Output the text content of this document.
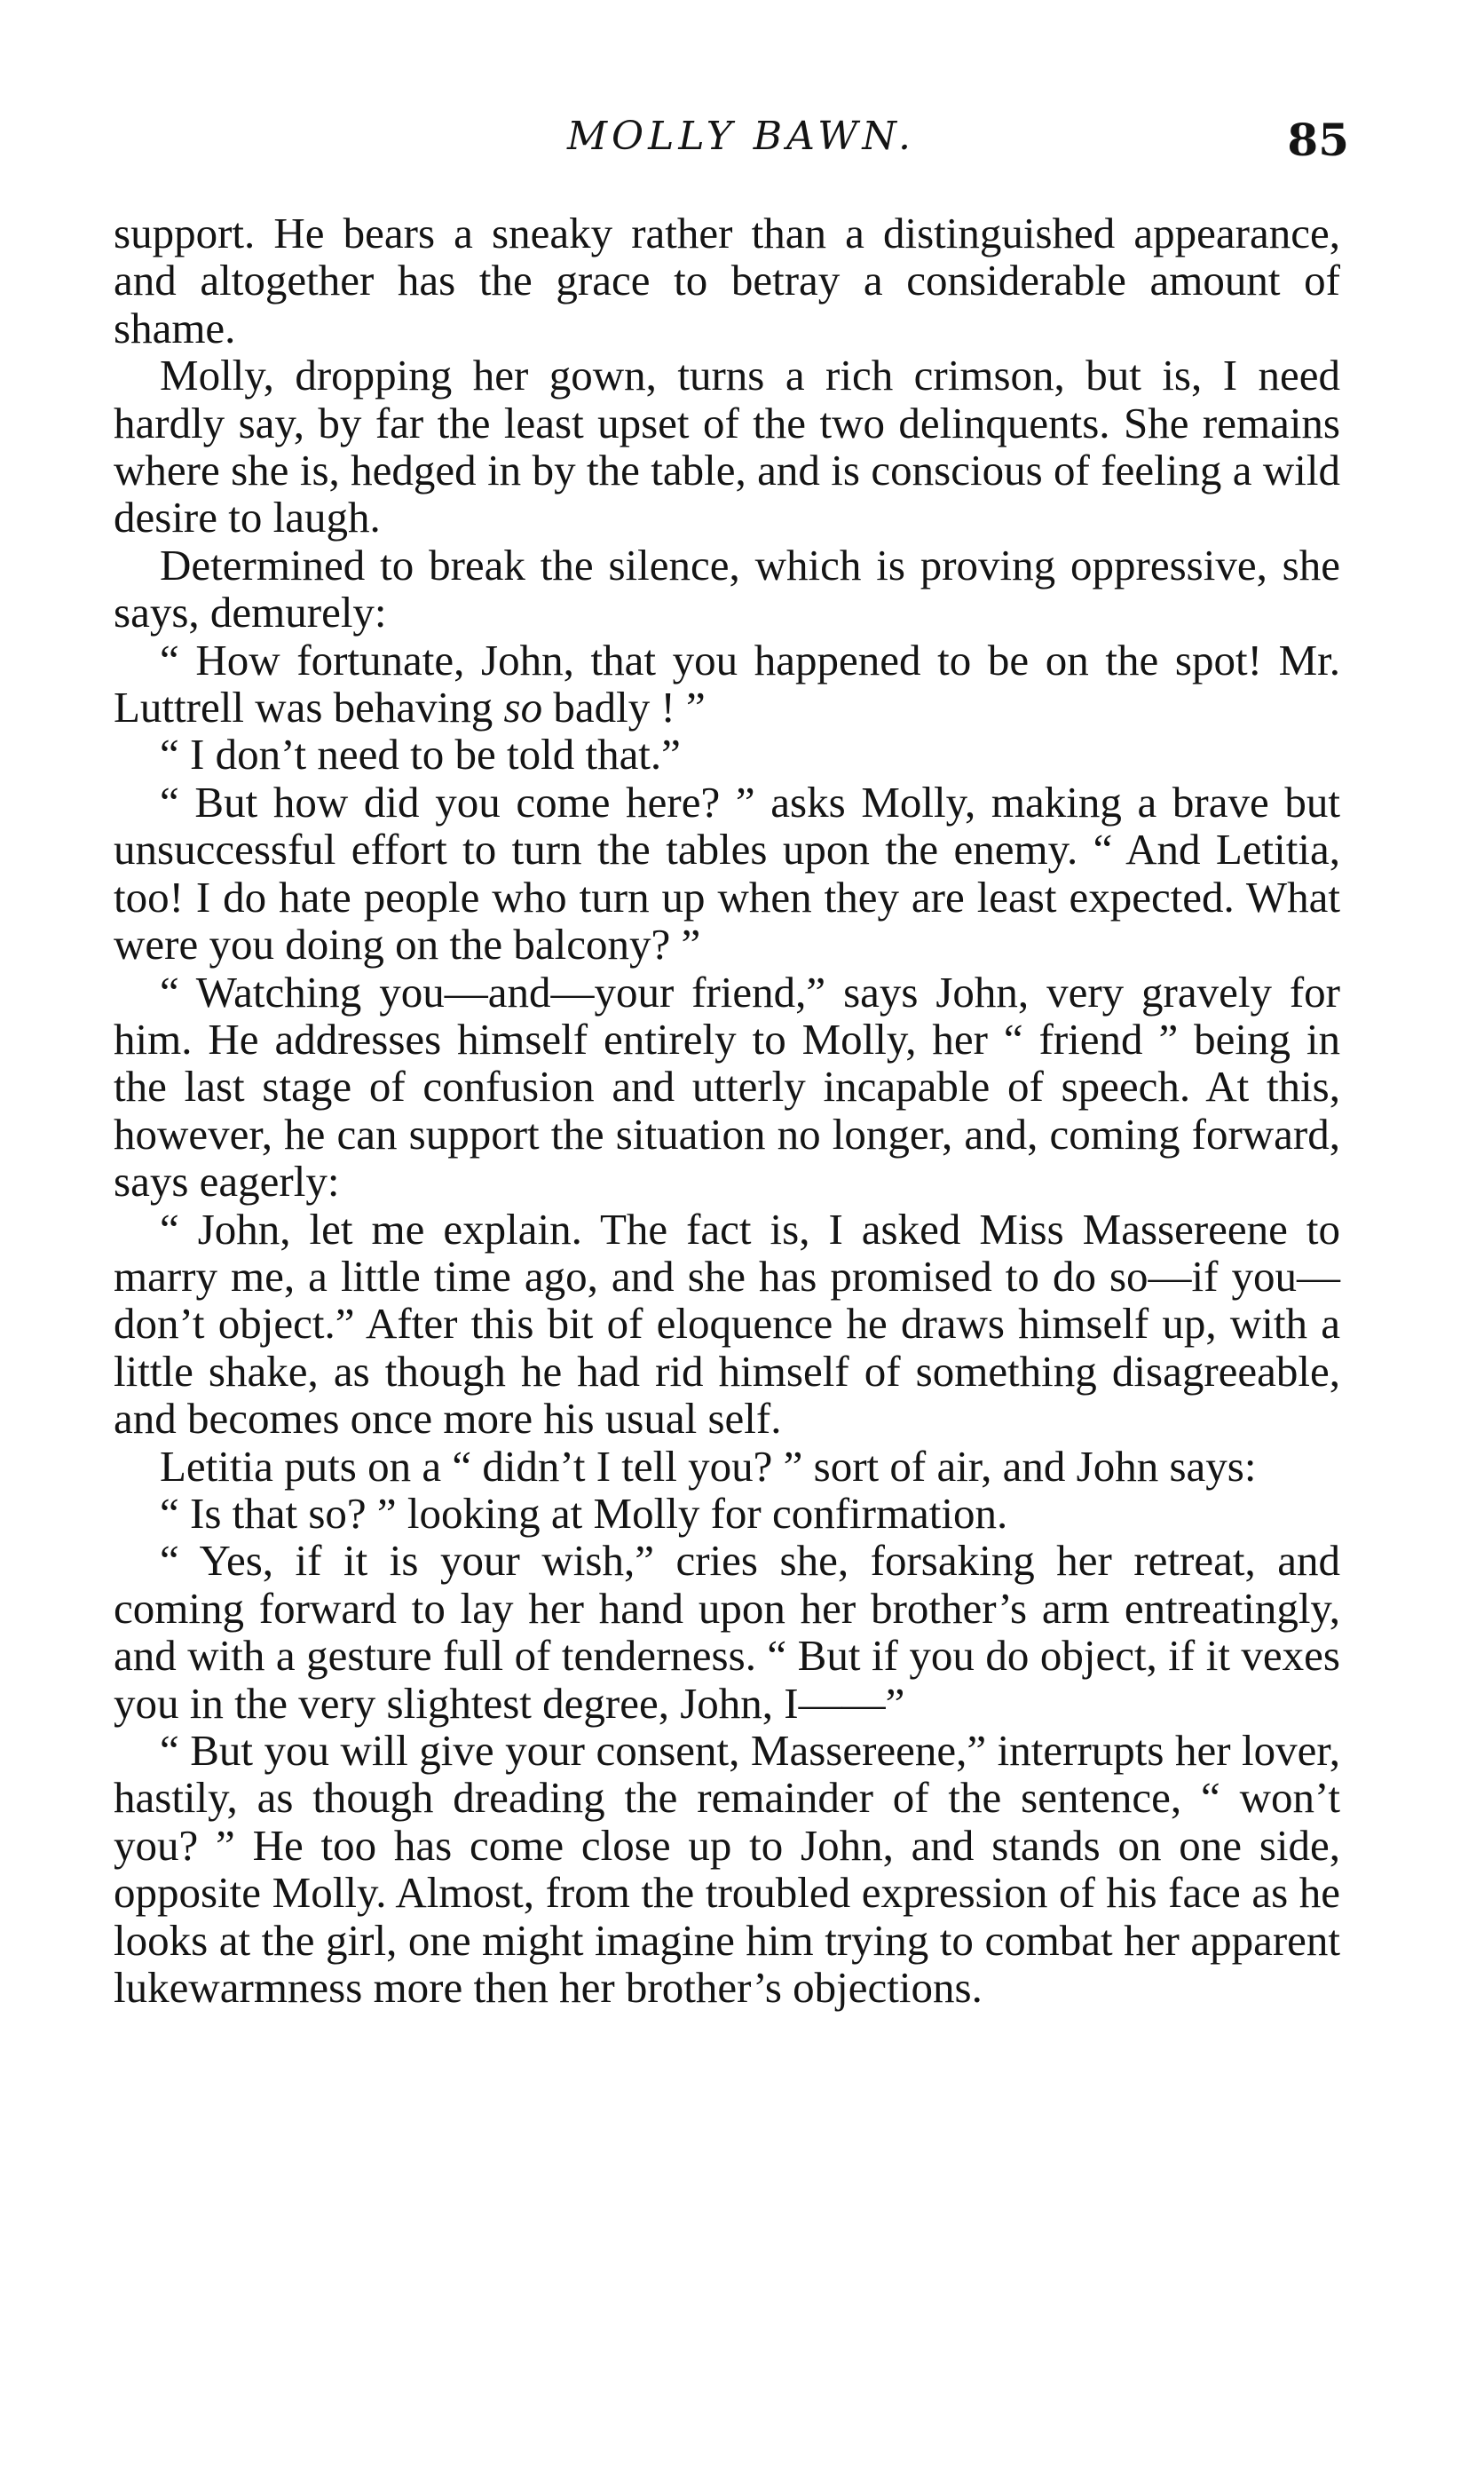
MOLLY BAWN.	85

support. He bears a sneaky rather than a distinguished appearance, and altogether has the grace to betray a considerable amount of shame.

Molly, dropping her gown, turns a rich crimson, but is, I need hardly say, by far the least upset of the two delinquents. She remains where she is, hedged in by the table, and is conscious of feeling a wild desire to laugh.

Determined to break the silence, which is proving oppressive, she says, demurely:

“ How fortunate, John, that you happened to be on the spot! Mr. Luttrell was behaving so badly ! ”

“ I don’t need to be told that.”

“ But how did you come here? ” asks Molly, making a brave but unsuccessful effort to turn the tables upon the enemy. “ And Letitia, too! I do hate people who turn up when they are least expected. What were you doing on the balcony? ”

“ Watching you—and—your friend,” says John, very gravely for him. He addresses himself entirely to Molly, her “ friend ” being in the last stage of confusion and utterly incapable of speech. At this, however, he can support the situation no longer, and, coming forward, says eagerly:

“ John, let me explain. The fact is, I asked Miss Massereene to marry me, a little time ago, and she has promised to do so—if you—don’t object.” After this bit of eloquence he draws himself up, with a little shake, as though he had rid himself of something disagreeable, and becomes once more his usual self.

Letitia puts on a “ didn’t I tell you? ” sort of air, and John says:

“ Is that so? ” looking at Molly for confirmation.

“ Yes, if it is your wish,” cries she, forsaking her retreat, and coming forward to lay her hand upon her brother’s arm entreatingly, and with a gesture full of tenderness. “ But if you do object, if it vexes you in the very slightest degree, John, I——”

“ But you will give your consent, Massereene,” interrupts her lover, hastily, as though dreading the remainder of the sentence, “ won’t you? ” He too has come close up to John, and stands on one side, opposite Molly. Almost, from the troubled expression of his face as he looks at the girl, one might imagine him trying to combat her apparent lukewarmness more then her brother’s objections.
